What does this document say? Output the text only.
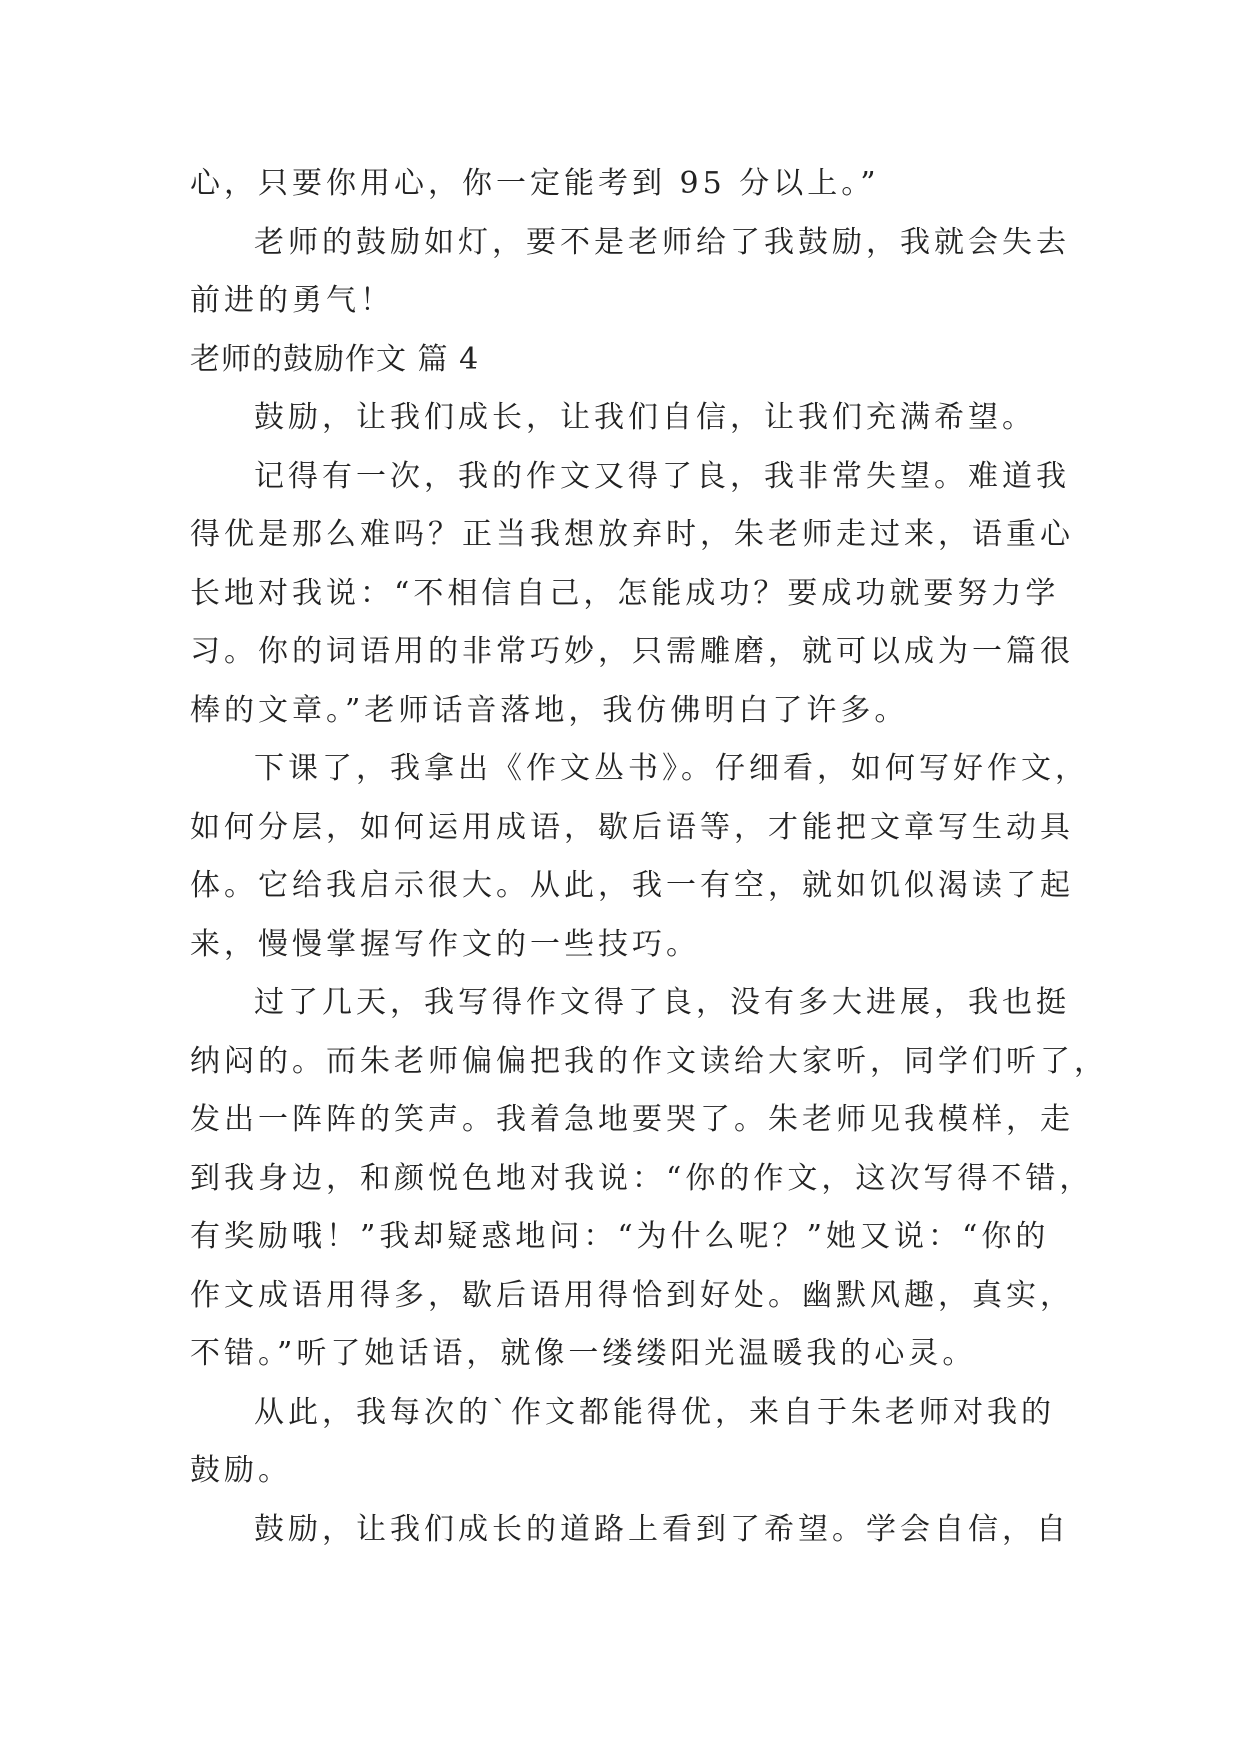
心，只要你用心，你一定能考到 95 分以上。”
老师的鼓励如灯，要不是老师给了我鼓励，我就会失去
前进的勇气！
老师的鼓励作文 篇 4
鼓励，让我们成长，让我们自信，让我们充满希望。
记得有一次，我的作文又得了良，我非常失望。难道我
得优是那么难吗？正当我想放弃时，朱老师走过来，语重心
长地对我说：“不相信自己，怎能成功？要成功就要努力学
习。你的词语用的非常巧妙，只需雕磨，就可以成为一篇很
棒的文章。”老师话音落地，我仿佛明白了许多。
下课了，我拿出《作文丛书》。仔细看，如何写好作文，
如何分层，如何运用成语，歇后语等，才能把文章写生动具
体。它给我启示很大。从此，我一有空，就如饥似渴读了起
来，慢慢掌握写作文的一些技巧。
过了几天，我写得作文得了良，没有多大进展，我也挺
纳闷的。而朱老师偏偏把我的作文读给大家听，同学们听了，
发出一阵阵的笑声。我着急地要哭了。朱老师见我模样，走
到我身边，和颜悦色地对我说：“你的作文，这次写得不错，
有奖励哦！”我却疑惑地问：“为什么呢？”她又说：“你的
作文成语用得多，歇后语用得恰到好处。幽默风趣，真实，
不错。”听了她话语，就像一缕缕阳光温暖我的心灵。
从此，我每次的`作文都能得优，来自于朱老师对我的
鼓励。
鼓励，让我们成长的道路上看到了希望。学会自信，自
